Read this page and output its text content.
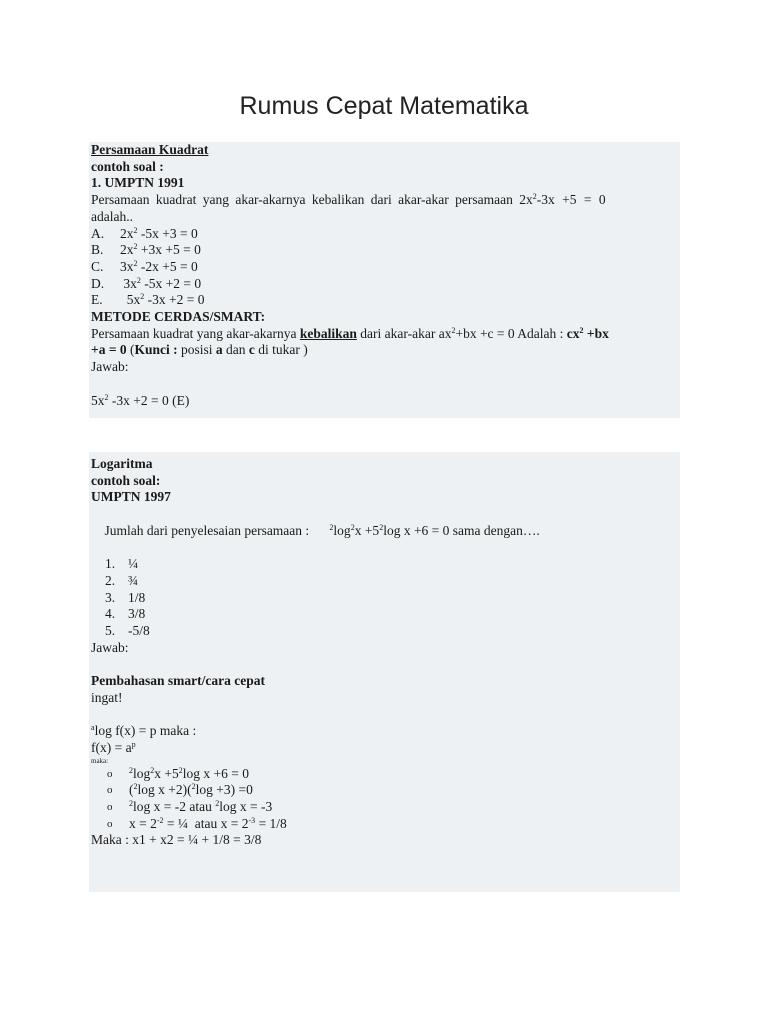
Rumus Cepat Matematika
Persamaan Kuadrat
contoh soal :
1. UMPTN 1991
Persamaan kuadrat yang akar-akarnya kebalikan dari akar-akar persamaan 2x $^2$-3x +5 = 0
adalah..
A.	$2x^2$ -5x +3 = 0
B.	$2x^2 +3x +5 = 0$
C.	$3x^2$ -2x +5 = 0
D.	$3x^2$ -5x +2 = 0
E.	$5x^2$ -3x +2 = 0
METODE CERDAS/SMART:
Persamaan kuadrat yang akar-akarnya kebalikan dari akar-akar $ax^2+bx +c = 0$ Adalah : $cx^2 +bx$
+a = 0 (Kunci : posisi a dan c di tukar )
Jawab:
$5x^2$ -3x +2 = 0 (E)
Logaritma
contoh soal:
UMPTN 1997

Jumlah dari penyelesaian persamaan :      $^2\log^2x +5^2\log$ x +6 = 0 sama dengan….

1. ¼
2. ¾
3. 1/8
4. 3/8
5. -5/8
Jawab:
Pembahasan smart/cara cepat
ingat!
$^a$log f(x) = p maka :
$f(x) = a^p$
maka:
o	$^2\log^2x +5^2\log$ x +6 = 0
o	($^2$log x +2)($^2$log +3) =0
o	$^2$log x = -2 atau $^2$log x = -3
o	$x = 2^{-2}$ = ¼  atau $x = 2^{-3} = 1/8$
Maka : x1 + x2 = ¼ + 1/8 = 3/8
